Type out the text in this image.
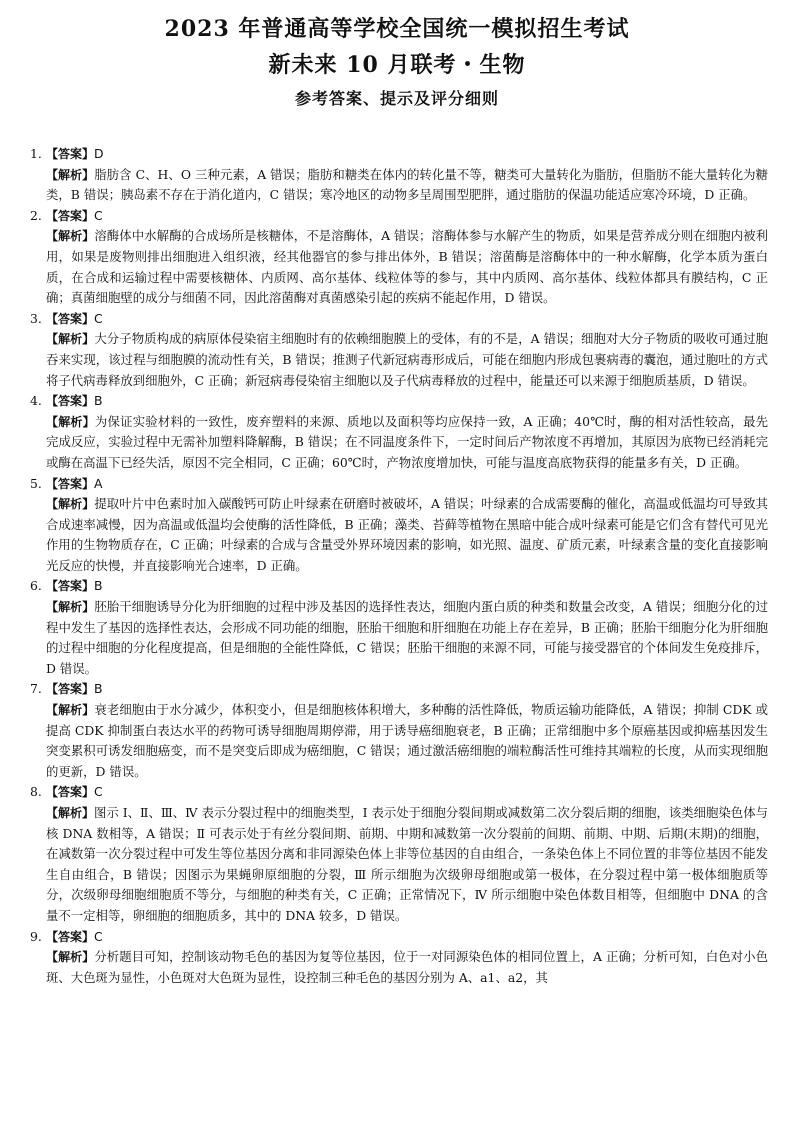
2023 年普通高等学校全国统一模拟招生考试
新未来 10 月联考・生物
参考答案、提示及评分细则

1. 【答案】D

【解析】脂肪含 C、H、O 三种元素，A 错误；脂肪和糖类在体内的转化量不等，糖类可大量转化为脂肪，但脂肪不能大量转化为糖类，B 错误；胰岛素不存在于消化道内，C 错误；寒冷地区的动物多呈周围型肥胖，通过脂肪的保温功能适应寒冷环境，D 正确。

2. 【答案】C

【解析】溶酶体中水解酶的合成场所是核糖体，不是溶酶体，A 错误；溶酶体参与水解产生的物质，如果是营养成分则在细胞内被利用，如果是废物则排出细胞进入组织液，经其他器官的参与排出体外，B 错误；溶菌酶是溶酶体中的一种水解酶，化学本质为蛋白质，在合成和运输过程中需要核糖体、内质网、高尔基体、线粒体等的参与，其中内质网、高尔基体、线粒体都具有膜结构，C 正确；真菌细胞壁的成分与细菌不同，因此溶菌酶对真菌感染引起的疾病不能起作用，D 错误。

3. 【答案】C

【解析】大分子物质构成的病原体侵染宿主细胞时有的依赖细胞膜上的受体，有的不是，A 错误；细胞对大分子物质的吸收可通过胞吞来实现，该过程与细胞膜的流动性有关，B 错误；推测子代新冠病毒形成后，可能在细胞内形成包裹病毒的囊泡，通过胞吐的方式将子代病毒释放到细胞外，C 正确；新冠病毒侵染宿主细胞以及子代病毒释放的过程中，能量还可以来源于细胞质基质，D 错误。

4. 【答案】B

【解析】为保证实验材料的一致性，废弃塑料的来源、质地以及面积等均应保持一致，A 正确；40℃时，酶的相对活性较高，最先完成反应，实验过程中无需补加塑料降解酶，B 错误；在不同温度条件下，一定时间后产物浓度不再增加，其原因为底物已经消耗完或酶在高温下已经失活，原因不完全相同，C 正确；60℃时，产物浓度增加快，可能与温度高底物获得的能量多有关，D 正确。

5. 【答案】A

【解析】提取叶片中色素时加入碳酸钙可防止叶绿素在研磨时被破坏，A 错误；叶绿素的合成需要酶的催化，高温或低温均可导致其合成速率减慢，因为高温或低温均会使酶的活性降低，B 正确；藻类、苔藓等植物在黑暗中能合成叶绿素可能是它们含有替代可见光作用的生物物质存在，C 正确；叶绿素的合成与含量受外界环境因素的影响，如光照、温度、矿质元素，叶绿素含量的变化直接影响光反应的快慢，并直接影响光合速率，D 正确。

6. 【答案】B

【解析】胚胎干细胞诱导分化为肝细胞的过程中涉及基因的选择性表达，细胞内蛋白质的种类和数量会改变，A 错误；细胞分化的过程中发生了基因的选择性表达，会形成不同功能的细胞，胚胎干细胞和肝细胞在功能上存在差异，B 正确；胚胎干细胞分化为肝细胞的过程中细胞的分化程度提高，但是细胞的全能性降低，C 错误；胚胎干细胞的来源不同，可能与接受器官的个体间发生免疫排斥，D 错误。

7. 【答案】B

【解析】衰老细胞由于水分减少，体积变小，但是细胞核体积增大，多种酶的活性降低，物质运输功能降低，A 错误；抑制 CDK 或提高 CDK 抑制蛋白表达水平的药物可诱导细胞周期停滞，用于诱导癌细胞衰老，B 正确；正常细胞中多个原癌基因或抑癌基因发生突变累积可诱发细胞癌变，而不是突变后即成为癌细胞，C 错误；通过激活癌细胞的端粒酶活性可维持其端粒的长度，从而实现细胞的更新，D 错误。

8. 【答案】C

【解析】图示 Ⅰ、Ⅱ、Ⅲ、Ⅳ 表示分裂过程中的细胞类型，Ⅰ 表示处于细胞分裂间期或减数第二次分裂后期的细胞，该类细胞染色体与核 DNA 数相等，A 错误；Ⅱ 可表示处于有丝分裂间期、前期、中期和减数第一次分裂前的间期、前期、中期、后期(末期)的细胞，在减数第一次分裂过程中可发生等位基因分离和非同源染色体上非等位基因的自由组合，一条染色体上不同位置的非等位基因不能发生自由组合，B 错误；因图示为果蝇卵原细胞的分裂，Ⅲ 所示细胞为次级卵母细胞或第一极体，在分裂过程中第一极体细胞质等分，次级卵母细胞细胞质不等分，与细胞的种类有关，C 正确；正常情况下，Ⅳ 所示细胞中染色体数目相等，但细胞中 DNA 的含量不一定相等，卵细胞的细胞质多，其中的 DNA 较多，D 错误。

9. 【答案】C

【解析】分析题目可知，控制该动物毛色的基因为复等位基因，位于一对同源染色体的相同位置上，A 正确；分析可知，白色对小色斑、大色斑为显性，小色斑对大色斑为显性，设控制三种毛色的基因分别为 A、a1、a2，其
